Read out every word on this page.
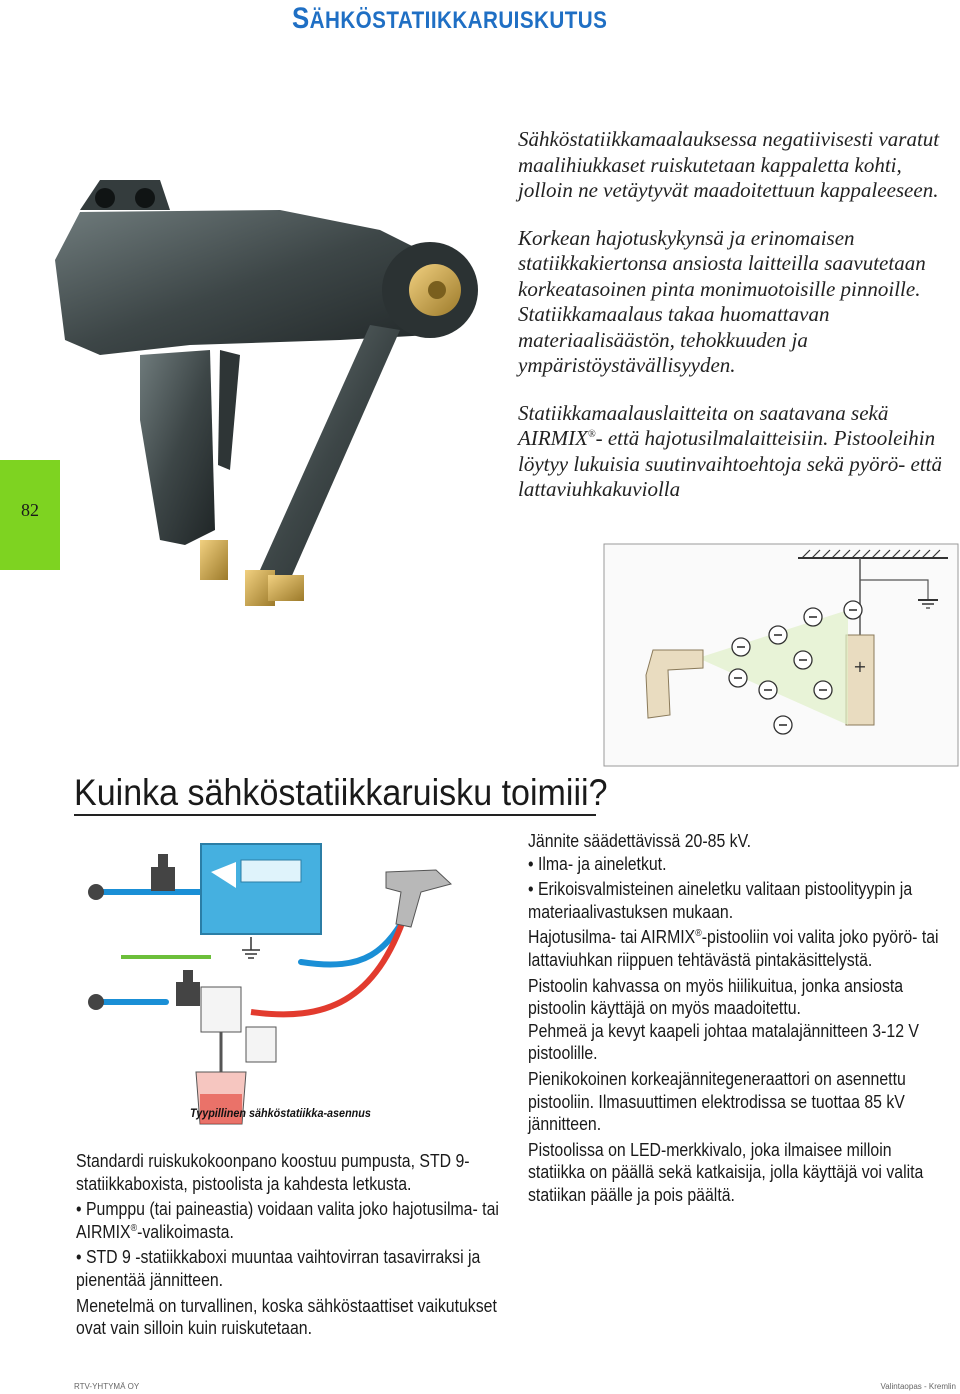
SÄHKÖSTATIIKKARUISKUTUS
82

Sähköstatiikkamaalauksessa negatiivisesti varatut maalihiukkaset ruiskutetaan kappaletta kohti, jolloin ne vetäytyvät maadoitettuun kappaleeseen.

Korkean hajotuskykynsä ja erinomaisen statiikkakiertonsa ansiosta laitteilla saavutetaan korkeatasoinen pinta monimuotoisille pinnoille. Statiikkamaalaus takaa huomattavan materiaalisäästön, tehokkuuden ja ympäristöystävällisyyden.

Statiikkamaalauslaitteita on saatavana sekä AIRMIX®- että hajotusilmalaitteisiin. Pistooleihin löytyy lukuisia suutinvaihtoehtoja sekä pyörö- että lattaviuhkakuviolla

+
Kuinka sähköstatiikkaruisku toimiii?
Tyypillinen sähköstatiikka-asennus

Standardi ruiskukokoonpano koostuu pumpusta, STD 9-statiikkaboxista, pistoolista ja kahdesta letkusta.

• Pumppu (tai paineastia) voidaan valita joko hajotusilma- tai AIRMIX®-valikoimasta.

• STD 9 -statiikkaboxi muuntaa vaihtovirran tasavirraksi ja pienentää jännitteen.

Menetelmä on turvallinen, koska sähköstaattiset vaikutukset ovat vain silloin kuin ruiskutetaan.

Jännite säädettävissä 20-85 kV.

• Ilma- ja aineletkut.

• Erikoisvalmisteinen aineletku valitaan pistoolityypin ja materiaalivastuksen mukaan.

Hajotusilma- tai AIRMIX®-pistooliin voi valita joko pyörö- tai lattaviuhkan riippuen tehtävästä pintakäsittelystä.

Pistoolin kahvassa on myös hiilikuitua, jonka ansiosta pistoolin käyttäjä on myös maadoitettu.

Pehmeä ja kevyt kaapeli johtaa matalajännitteen 3-12 V pistoolille.

Pienikokoinen korkeajännitegeneraattori on asennettu pistooliin. Ilmasuuttimen elektrodissa se tuottaa 85 kV jännitteen.

Pistoolissa on LED-merkkivalo, joka ilmaisee milloin statiikka on päällä sekä katkaisija, jolla käyttäjä voi valita statiikan päälle ja pois päältä.

RTV-YHTYMÄ OY	Valintaopas - Kremlin
